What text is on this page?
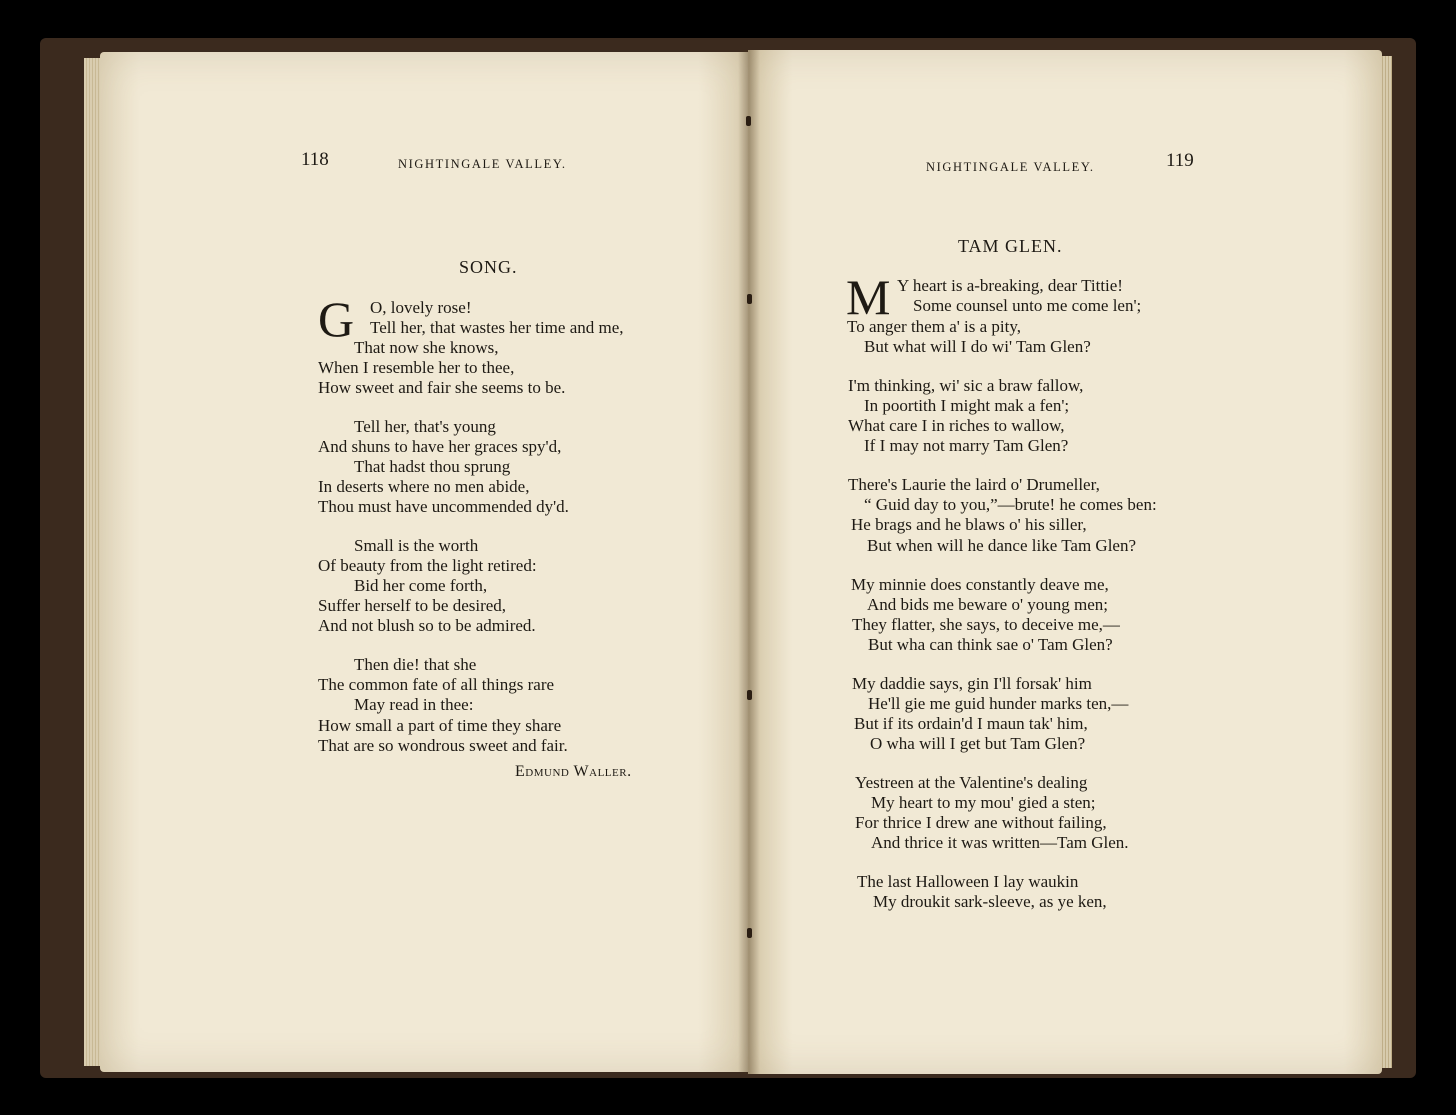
118	NIGHTINGALE VALLEY.
SONG.
G O, lovely rose!
Tell her, that wastes her time and me,
That now she knows,
When I resemble her to thee,
How sweet and fair she seems to be.
Tell her, that's young
And shuns to have her graces spy'd,
That hadst thou sprung
In deserts where no men abide,
Thou must have uncommended dy'd.
Small is the worth
Of beauty from the light retired:
Bid her come forth,
Suffer herself to be desired,
And not blush so to be admired.
Then die! that she
The common fate of all things rare
May read in thee:
How small a part of time they share
That are so wondrous sweet and fair.
Edmund Waller.
NIGHTINGALE VALLEY.	119
TAM GLEN.
M Y heart is a-breaking, dear Tittie!
Some counsel unto me come len';
To anger them a' is a pity,
But what will I do wi' Tam Glen?
I'm thinking, wi' sic a braw fallow,
In poortith I might mak a fen';
What care I in riches to wallow,
If I may not marry Tam Glen?
There's Laurie the laird o' Drumeller,
“ Guid day to you,”—brute! he comes ben:
He brags and he blaws o' his siller,
But when will he dance like Tam Glen?
My minnie does constantly deave me,
And bids me beware o' young men;
They flatter, she says, to deceive me,—
But wha can think sae o' Tam Glen?
My daddie says, gin I'll forsak' him
He'll gie me guid hunder marks ten,—
But if its ordain'd I maun tak' him,
O wha will I get but Tam Glen?
Yestreen at the Valentine's dealing
My heart to my mou' gied a sten;
For thrice I drew ane without failing,
And thrice it was written—Tam Glen.
The last Halloween I lay waukin
My droukit sark-sleeve, as ye ken,
